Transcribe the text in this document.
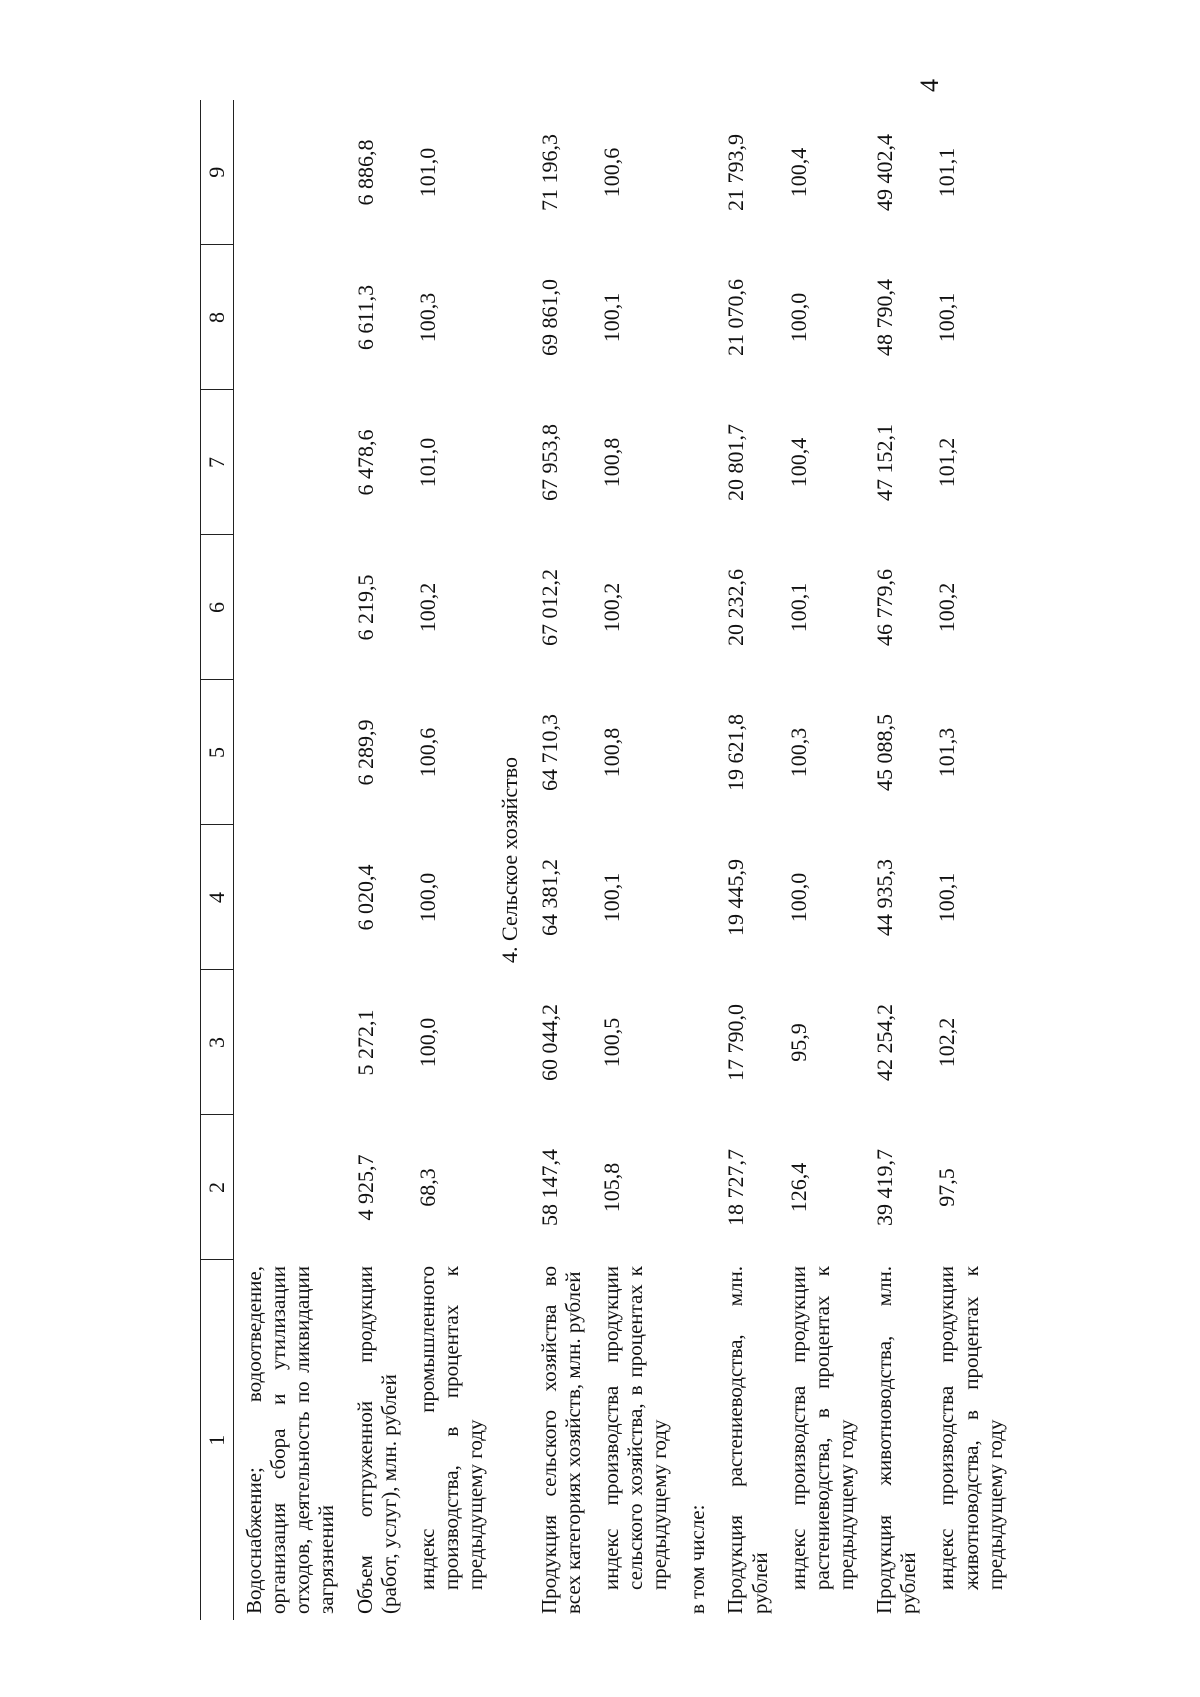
4
1	2	3	4	5	6	7	8	9
Водоснабжение; водоотведение, организация сбора и утилизации отходов, деятельность по ликвидации загрязнений								
Объем отгруженной продукции (работ, услуг), млн. рублей	4 925,7	5 272,1	6 020,4	6 289,9	6 219,5	6 478,6	6 611,3	6 886,8
индекс промышленного производства, в процентах к предыдущему году	68,3	100,0	100,0	100,6	100,2	101,0	100,3	101,0
4. Сельское хозяйство								
Продукция сельского хозяйства во всех категориях хозяйств, млн. рублей	58 147,4	60 044,2	64 381,2	64 710,3	67 012,2	67 953,8	69 861,0	71 196,3
индекс производства продукции сельского хозяйства, в процентах к предыдущему году	105,8	100,5	100,1	100,8	100,2	100,8	100,1	100,6
в том числе:								
Продукция растениеводства, млн. рублей	18 727,7	17 790,0	19 445,9	19 621,8	20 232,6	20 801,7	21 070,6	21 793,9
индекс производства продукции растениеводства, в процентах к предыдущему году	126,4	95,9	100,0	100,3	100,1	100,4	100,0	100,4
Продукция животноводства, млн. рублей	39 419,7	42 254,2	44 935,3	45 088,5	46 779,6	47 152,1	48 790,4	49 402,4
индекс производства продукции животноводства, в процентах к предыдущему году	97,5	102,2	100,1	101,3	100,2	101,2	100,1	101,1
